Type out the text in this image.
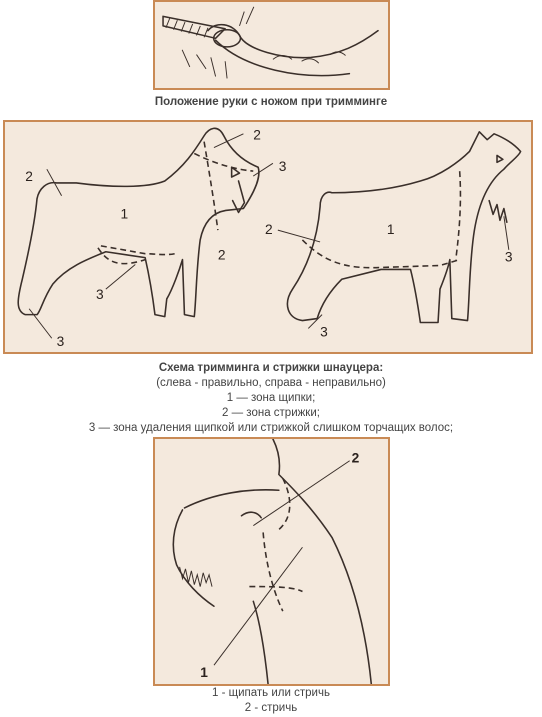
Положение руки с ножом при тримминге
2
1
2
3
2
3
3
3
1
2
3
Схема тримминга и стрижки шнауцера:
(слева - правильно, справа - неправильно)
1 — зона щипки;
2 — зона стрижки;
3 — зона удаления щипкой или стрижкой слишком торчащих волос;
1
2
1 - щипать или стричь
2 - стричь
